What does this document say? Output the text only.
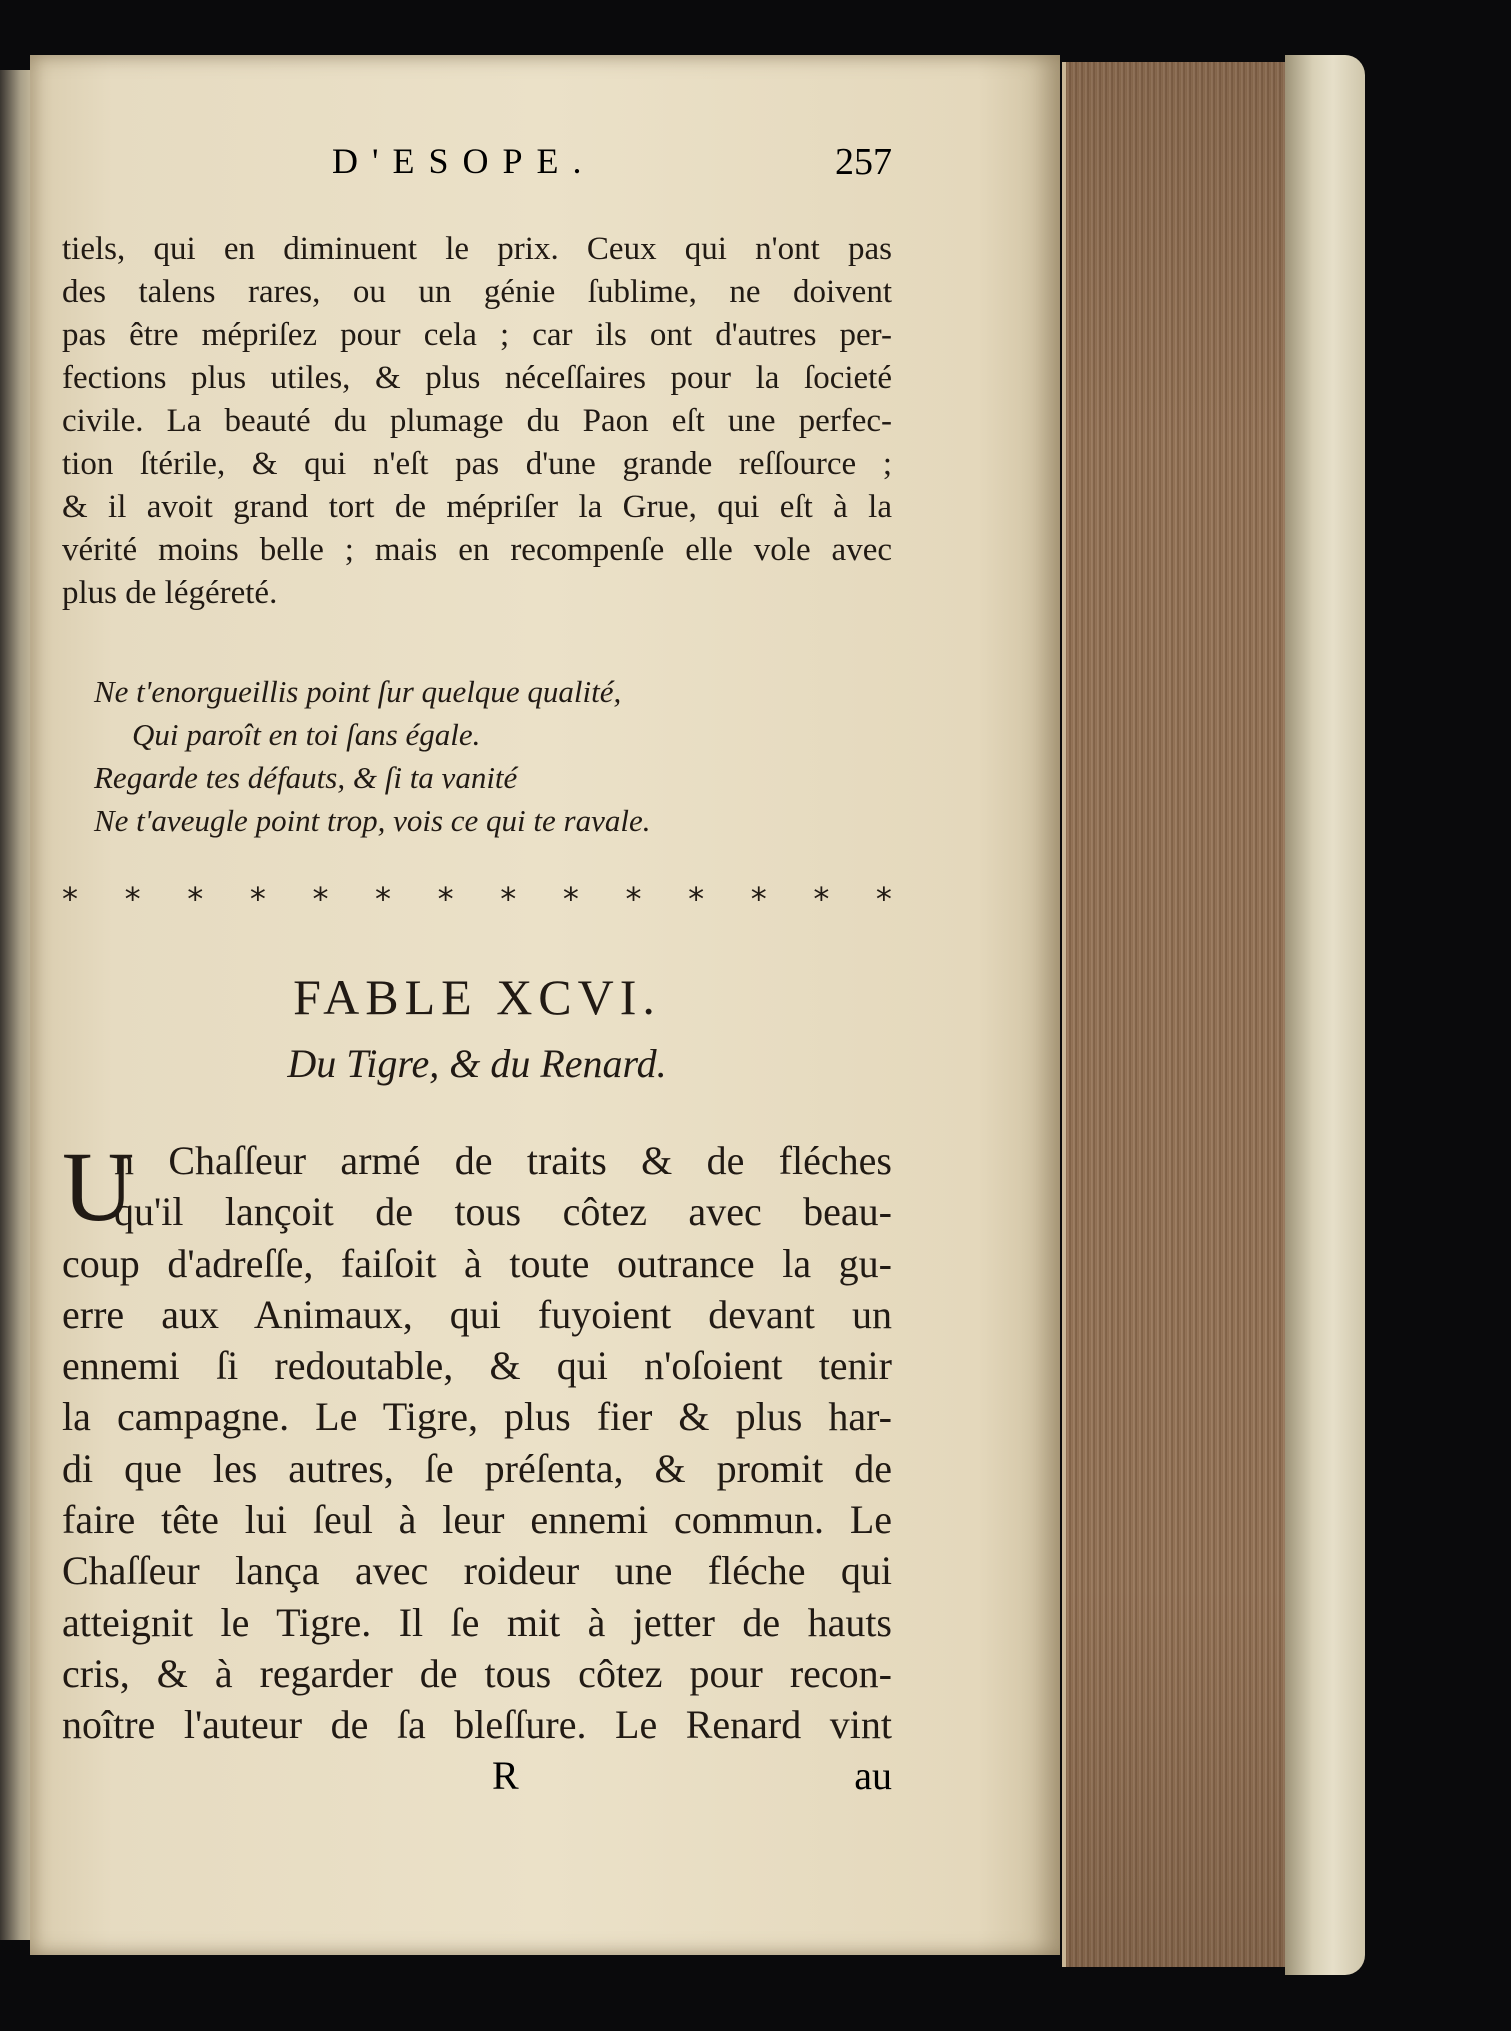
D'ESOPE.	257
tiels, qui en diminuent le prix. Ceux qui n'ont pas
des talens rares, ou un génie ſublime, ne doivent
pas être mépriſez pour cela ; car ils ont d'autres per-
fections plus utiles, & plus néceſſaires pour la ſocieté
civile. La beauté du plumage du Paon eſt une perfec-
tion ſtérile, & qui n'eſt pas d'une grande reſſource ;
& il avoit grand tort de mépriſer la Grue, qui eſt à la
vérité moins belle ; mais en recompenſe elle vole avec
plus de légéreté.
Ne t'enorgueillis point ſur quelque qualité,
Qui paroît en toi ſans égale.
Regarde tes défauts, & ſi ta vanité
Ne t'aveugle point trop, vois ce qui te ravale.
* * * * * * * * * * * * * *
FABLE XCVI.
Du Tigre, & du Renard.
U
n Chaſſeur armé de traits & de fléches
qu'il lançoit de tous côtez avec beau-
coup d'adreſſe, faiſoit à toute outrance la gu-
erre aux Animaux, qui fuyoient devant un
ennemi ſi redoutable, & qui n'oſoient tenir
la campagne. Le Tigre, plus fier & plus har-
di que les autres, ſe préſenta, & promit de
faire tête lui ſeul à leur ennemi commun. Le
Chaſſeur lança avec roideur une fléche qui
atteignit le Tigre. Il ſe mit à jetter de hauts
cris, & à regarder de tous côtez pour recon-
noître l'auteur de ſa bleſſure. Le Renard vint
R	au
